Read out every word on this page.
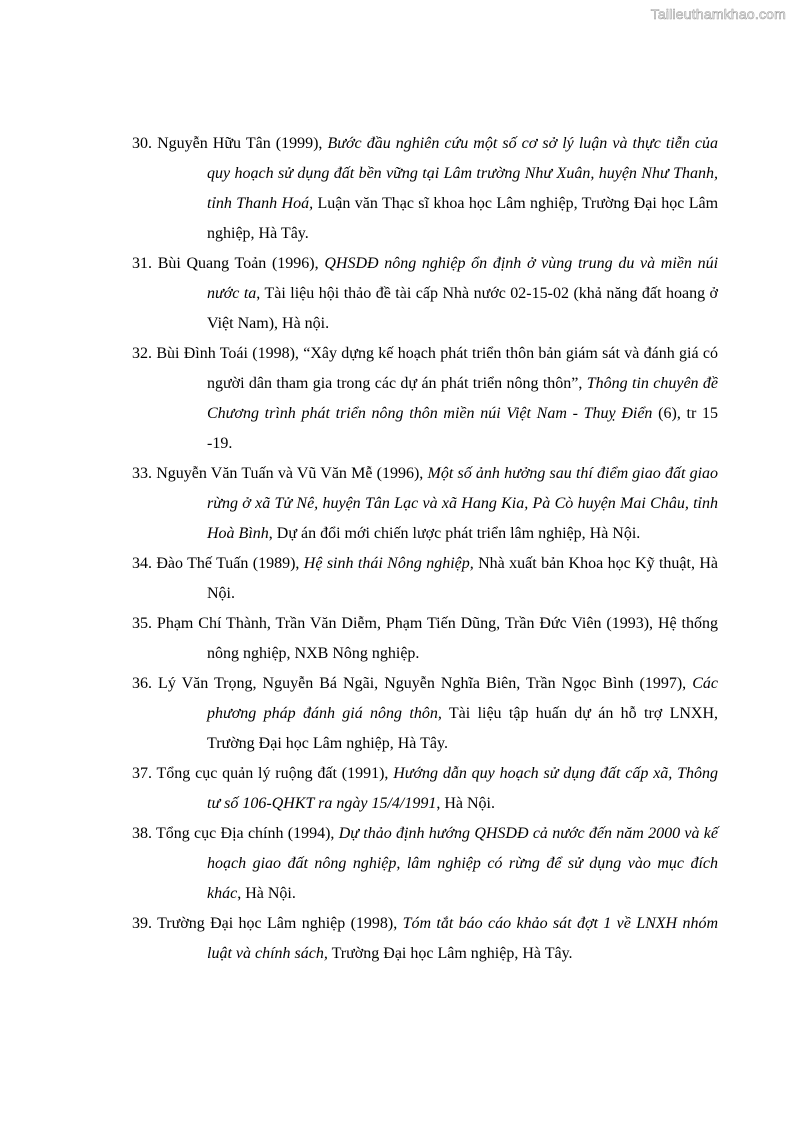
Tailieuthamkhao.com

30. Nguyễn Hữu Tân (1999), Bước đầu nghiên cứu một số cơ sở lý luận và thực tiễn của quy hoạch sử dụng đất bền vững tại Lâm trường Như Xuân, huyện Như Thanh, tỉnh Thanh Hoá, Luận văn Thạc sĩ khoa học Lâm nghiệp, Trường Đại học Lâm nghiệp, Hà Tây.

31. Bùi Quang Toản (1996), QHSDĐ nông nghiệp ổn định ở vùng trung du và miền núi nước ta, Tài liệu hội thảo đề tài cấp Nhà nước 02-15-02 (khả năng đất hoang ở Việt Nam), Hà nội.

32. Bùi Đình Toái (1998), “Xây dựng kế hoạch phát triển thôn bản giám sát và đánh giá có người dân tham gia trong các dự án phát triển nông thôn”, Thông tin chuyên đề Chương trình phát triển nông thôn miền núi Việt Nam - Thuỵ Điển (6), tr 15 -19.

33. Nguyễn Văn Tuấn và Vũ Văn Mễ (1996), Một số ảnh hưởng sau thí điểm giao đất giao rừng ở xã Tử Nê, huyện Tân Lạc và xã Hang Kia, Pà Cò huyện Mai Châu, tỉnh Hoà Bình, Dự án đổi mới chiến lược phát triển lâm nghiệp, Hà Nội.

34. Đào Thế Tuấn (1989), Hệ sinh thái Nông nghiệp, Nhà xuất bản Khoa học Kỹ thuật, Hà Nội.

35. Phạm Chí Thành, Trần Văn Diễm, Phạm Tiến Dũng, Trần Đức Viên (1993), Hệ thống nông nghiệp, NXB Nông nghiệp.

36. Lý Văn Trọng, Nguyễn Bá Ngãi, Nguyễn Nghĩa Biên, Trần Ngọc Bình (1997), Các phương pháp đánh giá nông thôn, Tài liệu tập huấn dự án hỗ trợ LNXH, Trường Đại học Lâm nghiệp, Hà Tây.

37. Tổng cục quản lý ruộng đất (1991), Hướng dẫn quy hoạch sử dụng đất cấp xã, Thông tư số 106-QHKT ra ngày 15/4/1991, Hà Nội.

38. Tổng cục Địa chính (1994), Dự thảo định hướng QHSDĐ cả nước đến năm 2000 và kế hoạch giao đất nông nghiệp, lâm nghiệp có rừng để sử dụng vào mục đích khác, Hà Nội.

39. Trường Đại học Lâm nghiệp (1998), Tóm tắt báo cáo khảo sát đợt 1 về LNXH nhóm luật và chính sách, Trường Đại học Lâm nghiệp, Hà Tây.
